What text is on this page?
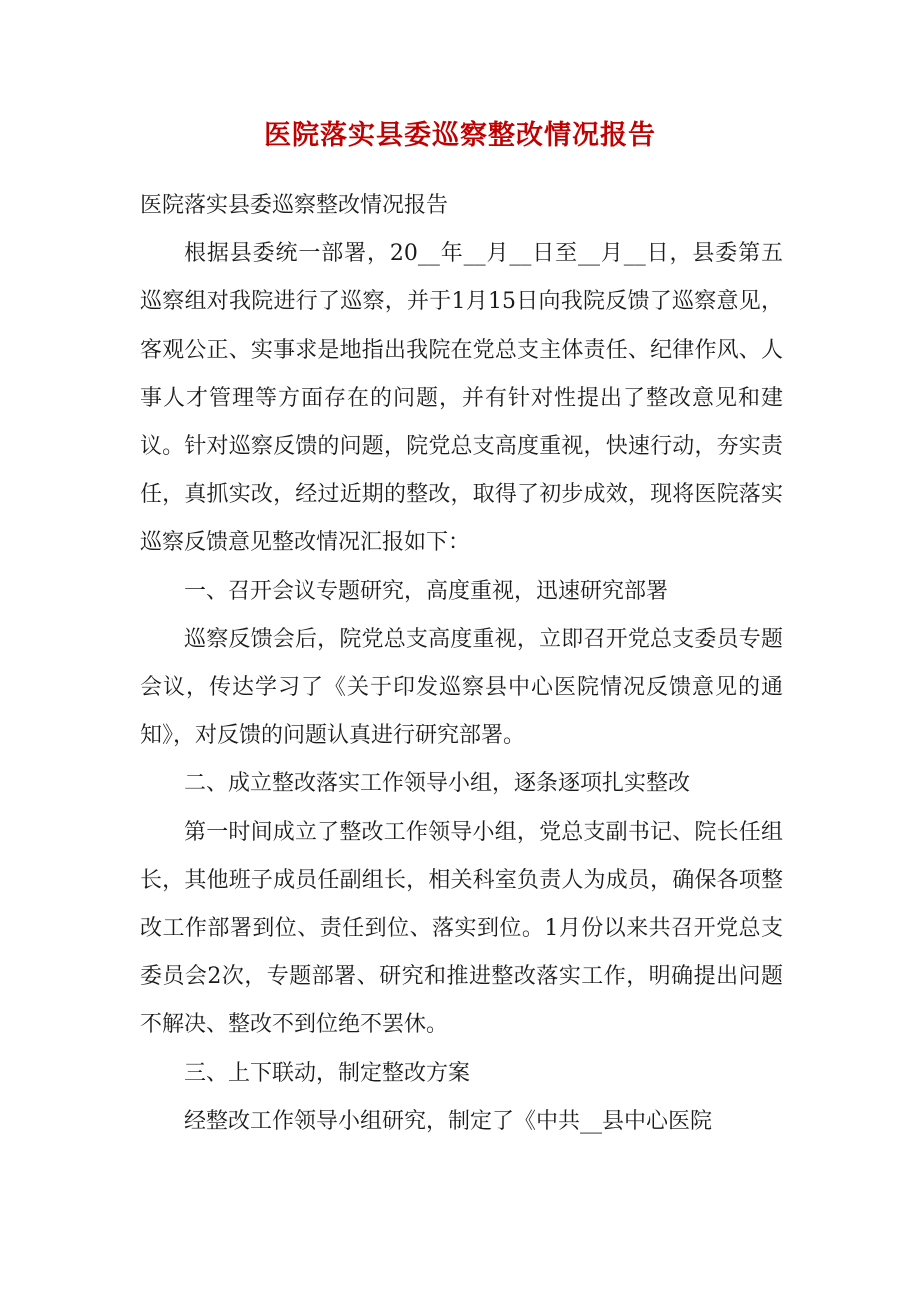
医院落实县委巡察整改情况报告

医院落实县委巡察整改情况报告

根据县委统一部署，20__年__月__日至__月__日，县委第五巡察组对我院进行了巡察，并于1月15日向我院反馈了巡察意见，客观公正、实事求是地指出我院在党总支主体责任、纪律作风、人事人才管理等方面存在的问题，并有针对性提出了整改意见和建议。针对巡察反馈的问题，院党总支高度重视，快速行动，夯实责任，真抓实改，经过近期的整改，取得了初步成效，现将医院落实巡察反馈意见整改情况汇报如下：

一、召开会议专题研究，高度重视，迅速研究部署

巡察反馈会后，院党总支高度重视，立即召开党总支委员专题会议，传达学习了《关于印发巡察县中心医院情况反馈意见的通知》，对反馈的问题认真进行研究部署。

二、成立整改落实工作领导小组，逐条逐项扎实整改

第一时间成立了整改工作领导小组，党总支副书记、院长任组长，其他班子成员任副组长，相关科室负责人为成员，确保各项整改工作部署到位、责任到位、落实到位。1月份以来共召开党总支委员会2次，专题部署、研究和推进整改落实工作，明确提出问题不解决、整改不到位绝不罢休。

三、上下联动，制定整改方案

经整改工作领导小组研究，制定了《中共__县中心医院
